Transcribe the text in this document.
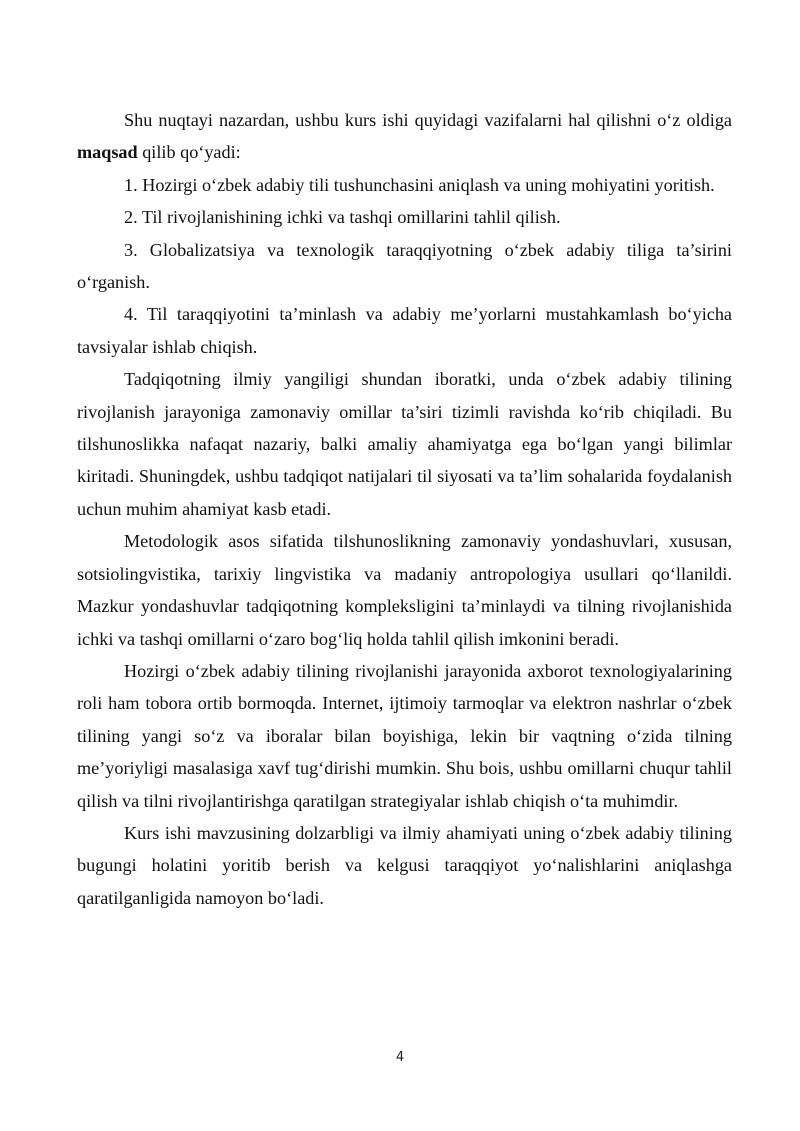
Shu nuqtayi nazardan, ushbu kurs ishi quyidagi vazifalarni hal qilishni o‘z oldiga maqsad qilib qo‘yadi:

1. Hozirgi o‘zbek adabiy tili tushunchasini aniqlash va uning mohiyatini yoritish.

2. Til rivojlanishining ichki va tashqi omillarini tahlil qilish.

3. Globalizatsiya va texnologik taraqqiyotning o‘zbek adabiy tiliga ta’sirini o‘rganish.

4. Til taraqqiyotini ta’minlash va adabiy me’yorlarni mustahkamlash bo‘yicha tavsiyalar ishlab chiqish.

Tadqiqotning ilmiy yangiligi shundan iboratki, unda o‘zbek adabiy tilining rivojlanish jarayoniga zamonaviy omillar ta’siri tizimli ravishda ko‘rib chiqiladi. Bu tilshunoslikka nafaqat nazariy, balki amaliy ahamiyatga ega bo‘lgan yangi bilimlar kiritadi. Shuningdek, ushbu tadqiqot natijalari til siyosati va ta’lim sohalarida foydalanish uchun muhim ahamiyat kasb etadi.

Metodologik asos sifatida tilshunoslikning zamonaviy yondashuvlari, xususan, sotsiolingvistika, tarixiy lingvistika va madaniy antropologiya usullari qo‘llanildi. Mazkur yondashuvlar tadqiqotning kompleksligini ta’minlaydi va tilning rivojlanishida ichki va tashqi omillarni o‘zaro bog‘liq holda tahlil qilish imkonini beradi.

Hozirgi o‘zbek adabiy tilining rivojlanishi jarayonida axborot texnologiyalarining roli ham tobora ortib bormoqda. Internet, ijtimoiy tarmoqlar va elektron nashrlar o‘zbek tilining yangi so‘z va iboralar bilan boyishiga, lekin bir vaqtning o‘zida tilning me’yoriyligi masalasiga xavf tug‘dirishi mumkin. Shu bois, ushbu omillarni chuqur tahlil qilish va tilni rivojlantirishga qaratilgan strategiyalar ishlab chiqish o‘ta muhimdir.

Kurs ishi mavzusining dolzarbligi va ilmiy ahamiyati uning o‘zbek adabiy tilining bugungi holatini yoritib berish va kelgusi taraqqiyot yo‘nalishlarini aniqlashga qaratilganligida namoyon bo‘ladi.

4
